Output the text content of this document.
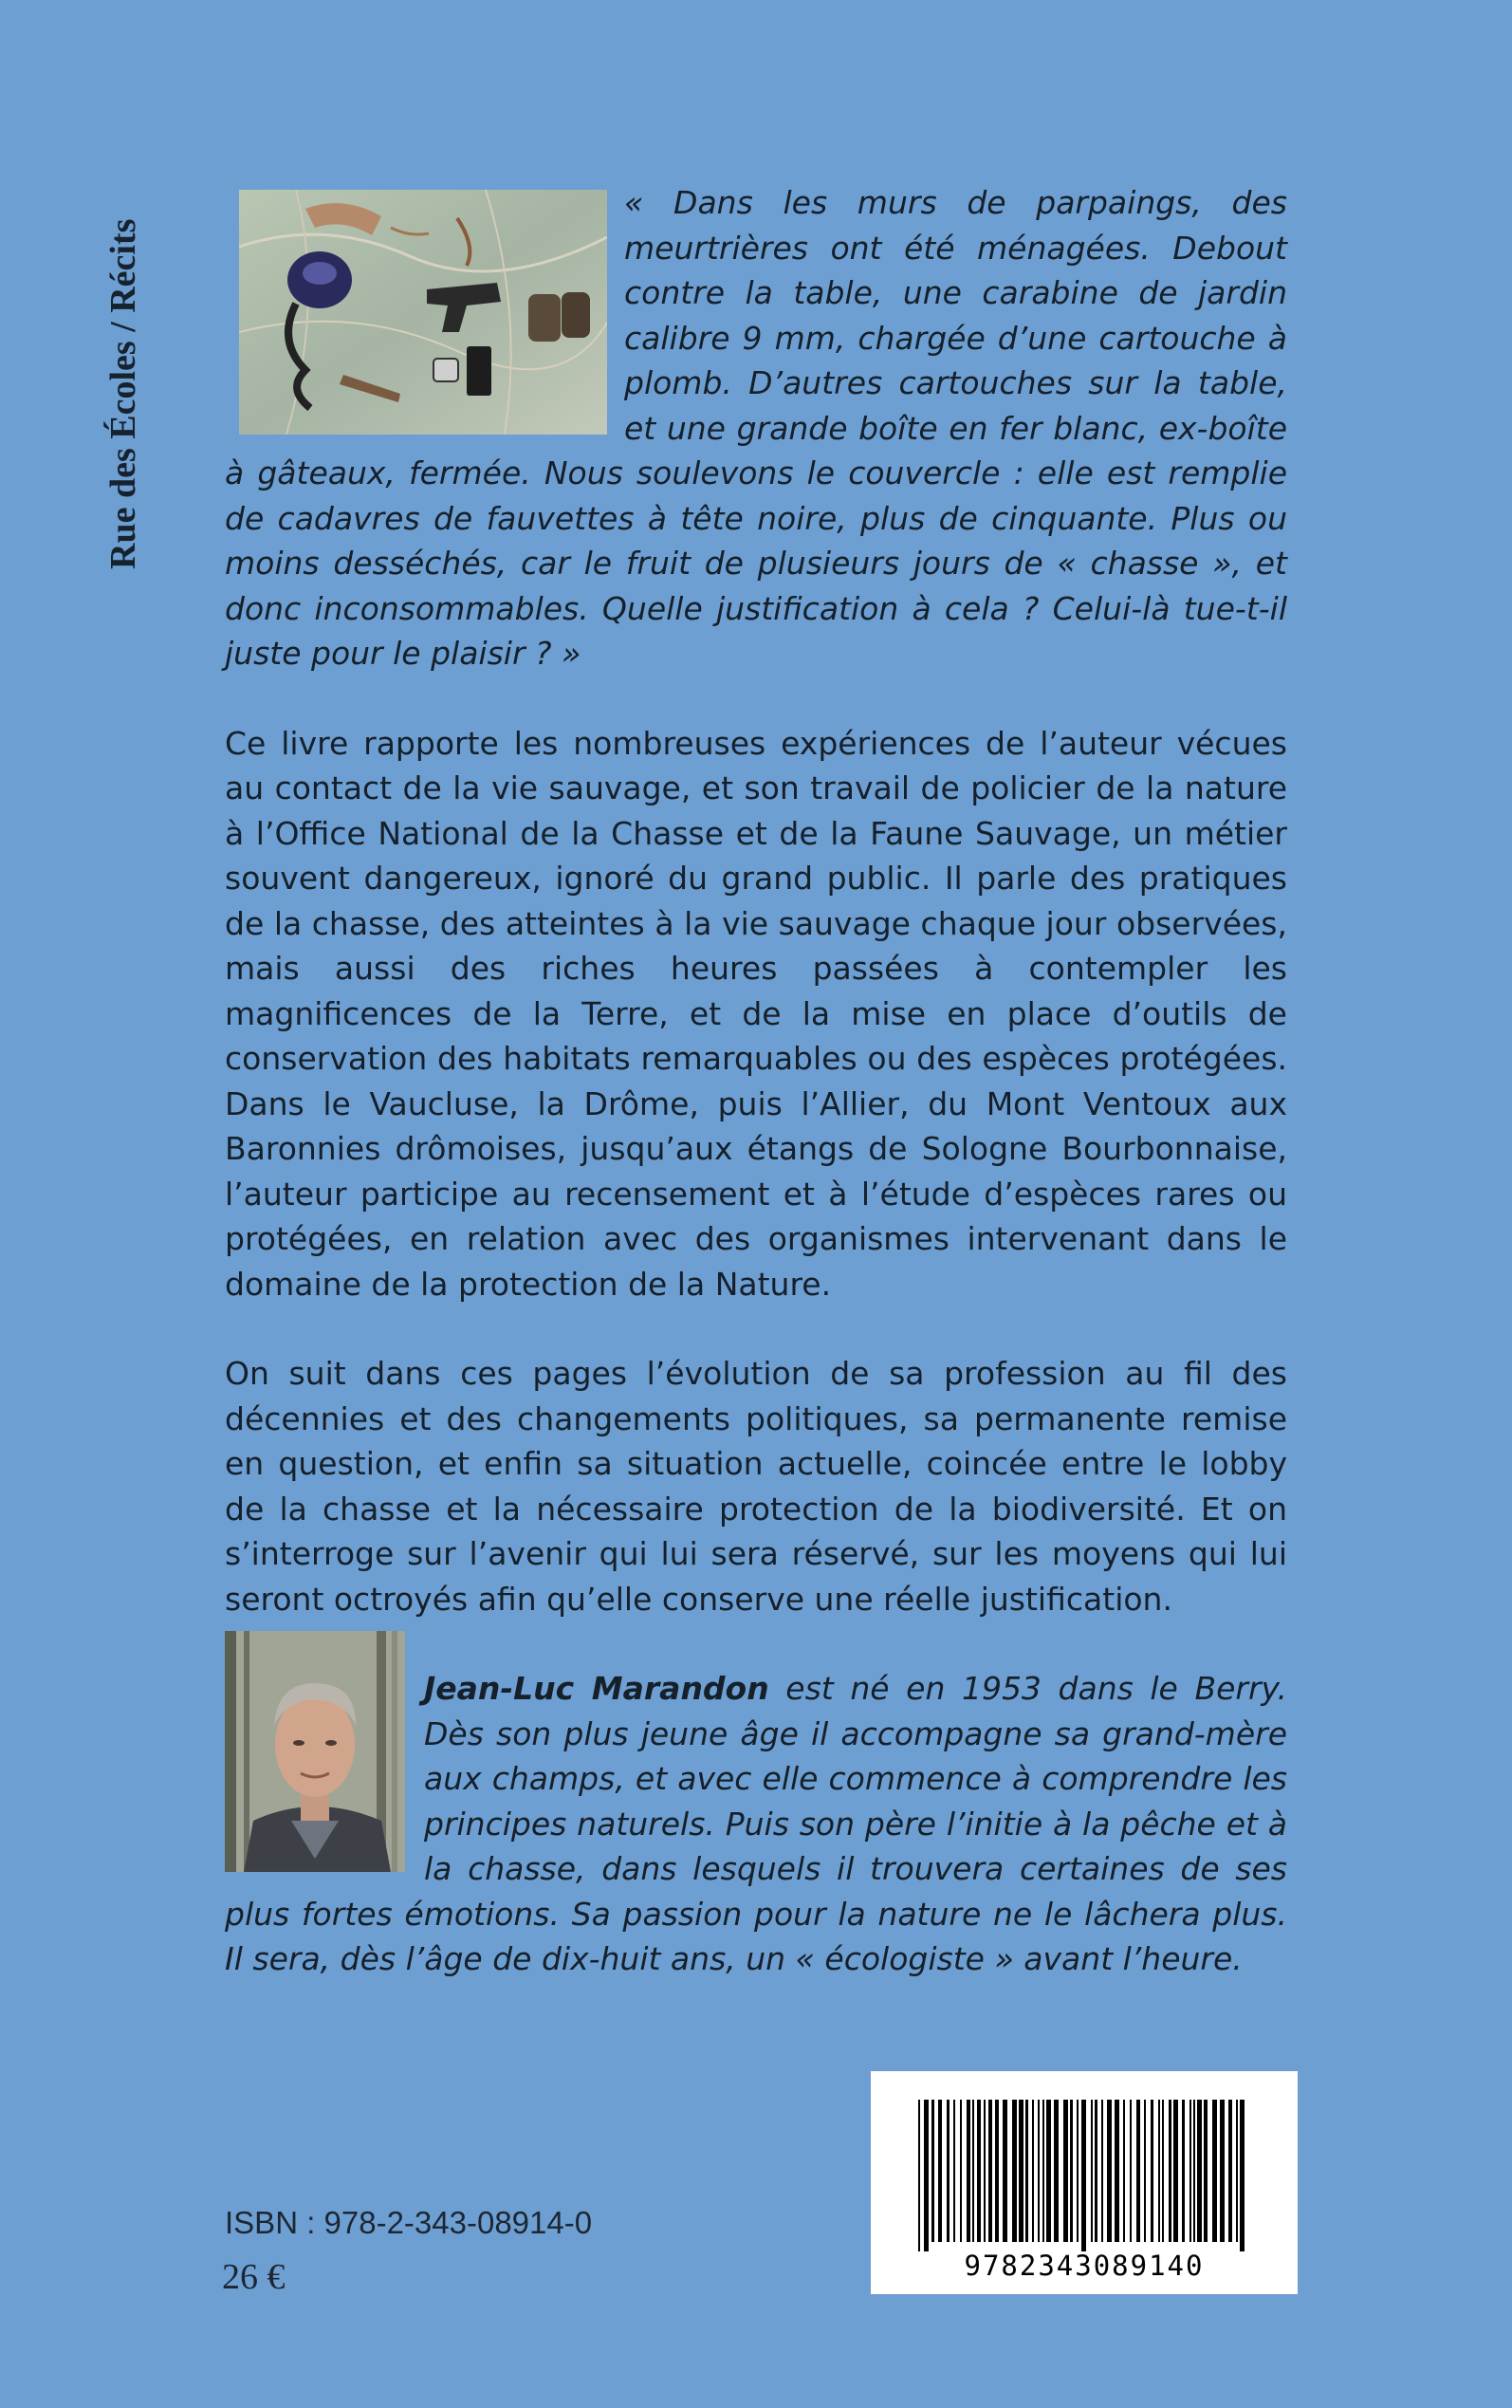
Rue des Écoles / Récits

« Dans les murs de parpaings, des meurtrières ont été ménagées. Debout contre la table, une carabine de jardin calibre 9 mm, chargée d’une cartouche à plomb. D’autres cartouches sur la table, et une grande boîte en fer blanc, ex-boîte à gâteaux, fermée. Nous soulevons le couvercle : elle est remplie de cadavres de fauvettes à tête noire, plus de cinquante. Plus ou moins desséchés, car le fruit de plusieurs jours de « chasse », et donc inconsommables. Quelle justification à cela ? Celui-là tue-t-il juste pour le plaisir ? »

Ce livre rapporte les nombreuses expériences de l’auteur vécues au contact de la vie sauvage, et son travail de policier de la nature à l’Office National de la Chasse et de la Faune Sauvage, un métier souvent dangereux, ignoré du grand public. Il parle des pratiques de la chasse, des atteintes à la vie sauvage chaque jour observées, mais aussi des riches heures passées à contempler les magnificences de la Terre, et de la mise en place d’outils de conservation des habitats remarquables ou des espèces protégées. Dans le Vaucluse, la Drôme, puis l’Allier, du Mont Ventoux aux Baronnies drômoises, jusqu’aux étangs de Sologne Bourbonnaise, l’auteur participe au recensement et à l’étude d’espèces rares ou protégées, en relation avec des organismes intervenant dans le domaine de la protection de la Nature.

On suit dans ces pages l’évolution de sa profession au fil des décennies et des changements politiques, sa permanente remise en question, et enfin sa situation actuelle, coincée entre le lobby de la chasse et la nécessaire protection de la biodiversité. Et on s’interroge sur l’avenir qui lui sera réservé, sur les moyens qui lui seront octroyés afin qu’elle conserve une réelle justification.

Jean-Luc Marandon est né en 1953 dans le Berry. Dès son plus jeune âge il accompagne sa grand-mère aux champs, et avec elle commence à comprendre les principes naturels. Puis son père l’initie à la pêche et à la chasse, dans lesquels il trouvera certaines de ses plus fortes émotions. Sa passion pour la nature ne le lâchera plus. Il sera, dès l’âge de dix-huit ans, un « écologiste » avant l’heure.

9782343089140
ISBN : 978-2-343-08914-0
26 €
